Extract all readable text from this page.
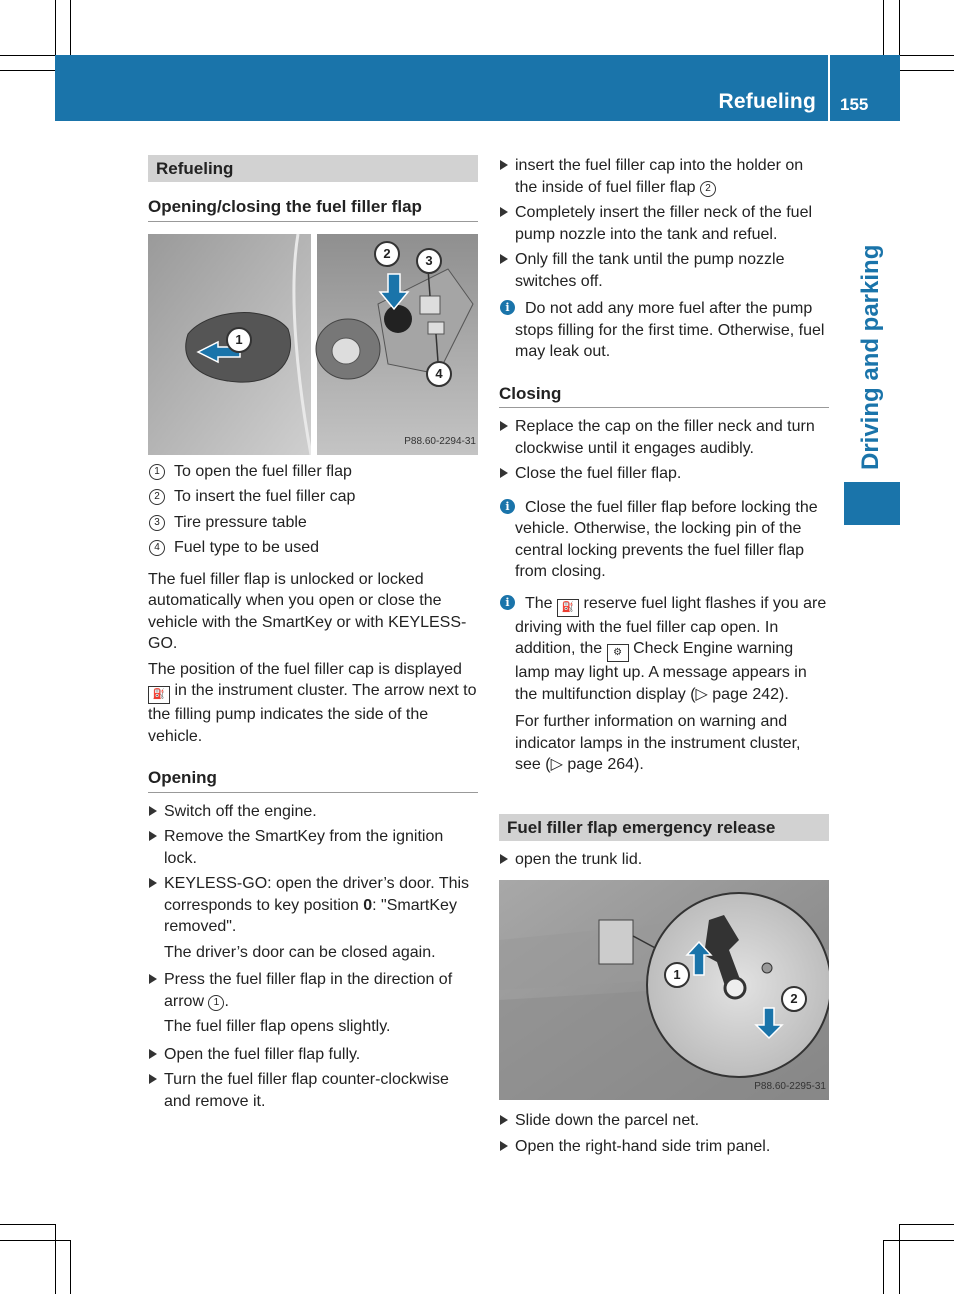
Refueling 155
Driving and parking
Refueling
Opening/closing the fuel filler flap
1
2	3
4
P88.60-2294-31
1 To open the fuel filler flap
2 To insert the fuel filler cap
3 Tire pressure table
4 Fuel type to be used

The fuel filler flap is unlocked or locked automatically when you open or close the vehicle with the SmartKey or with KEYLESS-GO.

The position of the fuel filler cap is displayed ⛽ in the instrument cluster. The arrow next to the filling pump indicates the side of the vehicle.

Opening
Switch off the engine.
Remove the SmartKey from the ignition lock.
KEYLESS-GO: open the driver’s door. This corresponds to key position 0: "SmartKey removed".
The driver’s door can be closed again.
Press the fuel filler flap in the direction of arrow 1 .
The fuel filler flap opens slightly.
Open the fuel filler flap fully.
Turn the fuel filler flap counter-clockwise and remove it.
insert the fuel filler cap into the holder on the inside of fuel filler flap 2
Completely insert the filler neck of the fuel pump nozzle into the tank and refuel.
Only fill the tank until the pump nozzle switches off.
i Do not add any more fuel after the pump stops filling for the first time. Otherwise, fuel may leak out.
Closing
Replace the cap on the filler neck and turn clockwise until it engages audibly.
Close the fuel filler flap.
i Close the fuel filler flap before locking the vehicle. Otherwise, the locking pin of the central locking prevents the fuel filler flap from closing.
i The ⛽ reserve fuel light flashes if you are driving with the fuel filler cap open. In addition, the ⚙ Check Engine warning lamp may light up. A message appears in the multifunction display (▷ page 242).
For further information on warning and indicator lamps in the instrument cluster, see (▷ page 264).
Fuel filler flap emergency release
open the trunk lid.
1
2
P88.60-2295-31
Slide down the parcel net.
Open the right-hand side trim panel.
